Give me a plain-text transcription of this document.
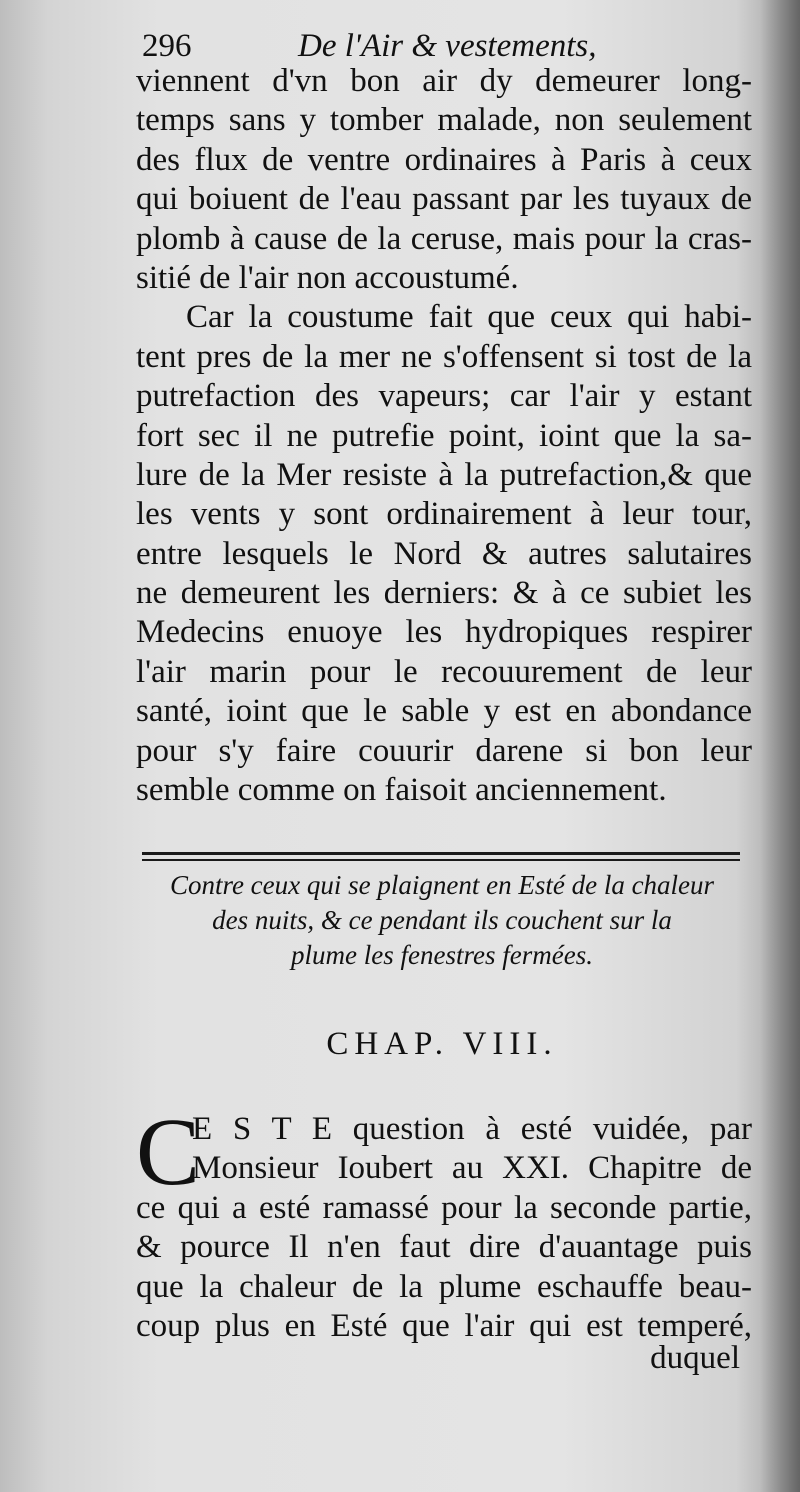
296	De l'Air & vestements,
viennent d'vn bon air dy demeurer long-
temps sans y tomber malade, non seulement
des flux de ventre ordinaires à Paris à ceux
qui boiuent de l'eau passant par les tuyaux de
plomb à cause de la ceruse, mais pour la cras-
sitié de l'air non accoustumé.
Car la coustume fait que ceux qui habi-
tent pres de la mer ne s'offensent si tost de la
putrefaction des vapeurs; car l'air y estant
fort sec il ne putrefie point, ioint que la sa-
lure de la Mer resiste à la putrefaction,& que
les vents y sont ordinairement à leur tour,
entre lesquels le Nord & autres salutaires
ne demeurent les derniers: & à ce subiet les
Medecins enuoye les hydropiques respirer
l'air marin pour le recouurement de leur
santé, ioint que le sable y est en abondance
pour s'y faire couurir darene si bon leur
semble comme on faisoit anciennement.
Contre ceux qui se plaignent en Esté de la chaleur
des nuits, & ce pendant ils couchent sur la
plume les fenestres fermées.
CHAP. VIII.
C
E S T E question à esté vuidée, par
Monsieur Ioubert au XXI. Chapitre de
ce qui a esté ramassé pour la seconde partie,
& pource Il n'en faut dire d'auantage puis
que la chaleur de la plume eschauffe beau-
coup plus en Esté que l'air qui est temperé,
duquel
